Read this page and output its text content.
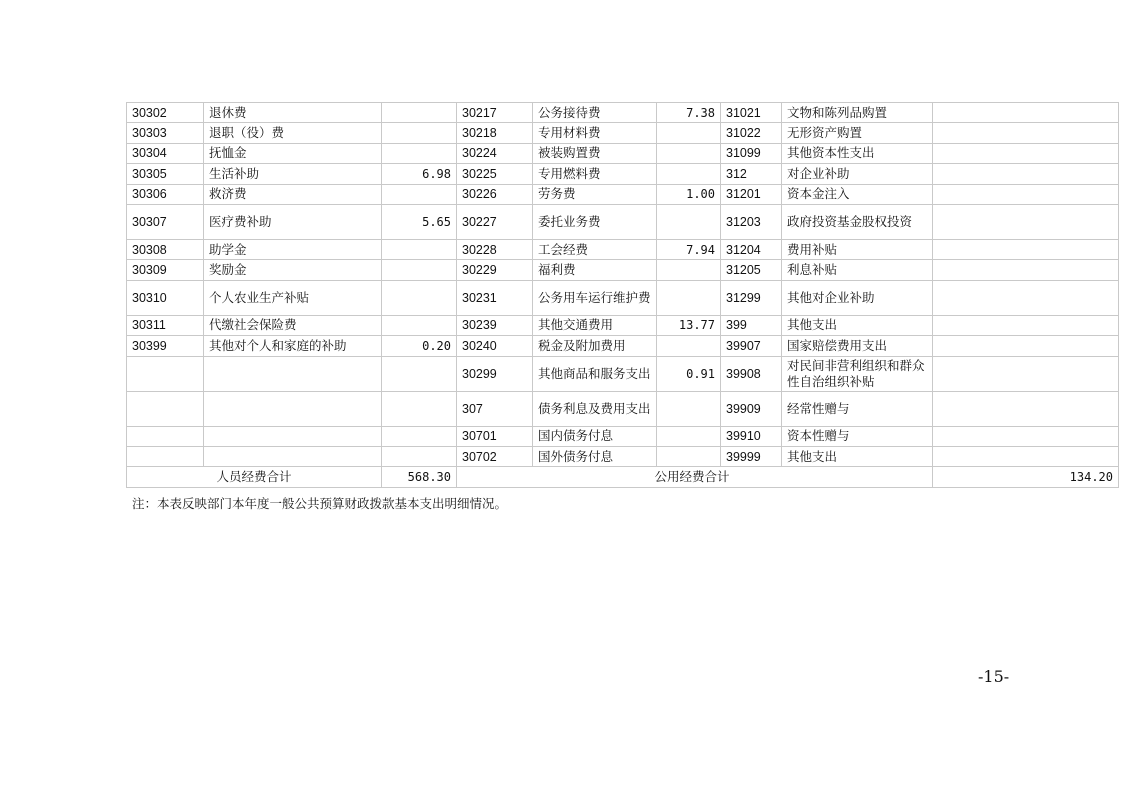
30302	退休费		30217	公务接待费	7.38	31021	文物和陈列品购置	
30303	退职（役）费		30218	专用材料费		31022	无形资产购置	
30304	抚恤金		30224	被装购置费		31099	其他资本性支出	
30305	生活补助	6.98	30225	专用燃料费		312	对企业补助	
30306	救济费		30226	劳务费	1.00	31201	资本金注入	
30307	医疗费补助	5.65	30227	委托业务费		31203	政府投资基金股权投资	
30308	助学金		30228	工会经费	7.94	31204	费用补贴	
30309	奖励金		30229	福利费		31205	利息补贴	
30310	个人农业生产补贴		30231	公务用车运行维护费		31299	其他对企业补助	
30311	代缴社会保险费		30239	其他交通费用	13.77	399	其他支出	
30399	其他对个人和家庭的补助	0.20	30240	税金及附加费用		39907	国家赔偿费用支出	
			30299	其他商品和服务支出	0.91	39908	对民间非营利组织和群众性自治组织补贴	
			307	债务利息及费用支出		39909	经常性赠与	
			30701	国内债务付息		39910	资本性赠与	
			30702	国外债务付息		39999	其他支出	
人员经费合计		568.30	公用经费合计					134.20
注：本表反映部门本年度一般公共预算财政拨款基本支出明细情况。
-15-
